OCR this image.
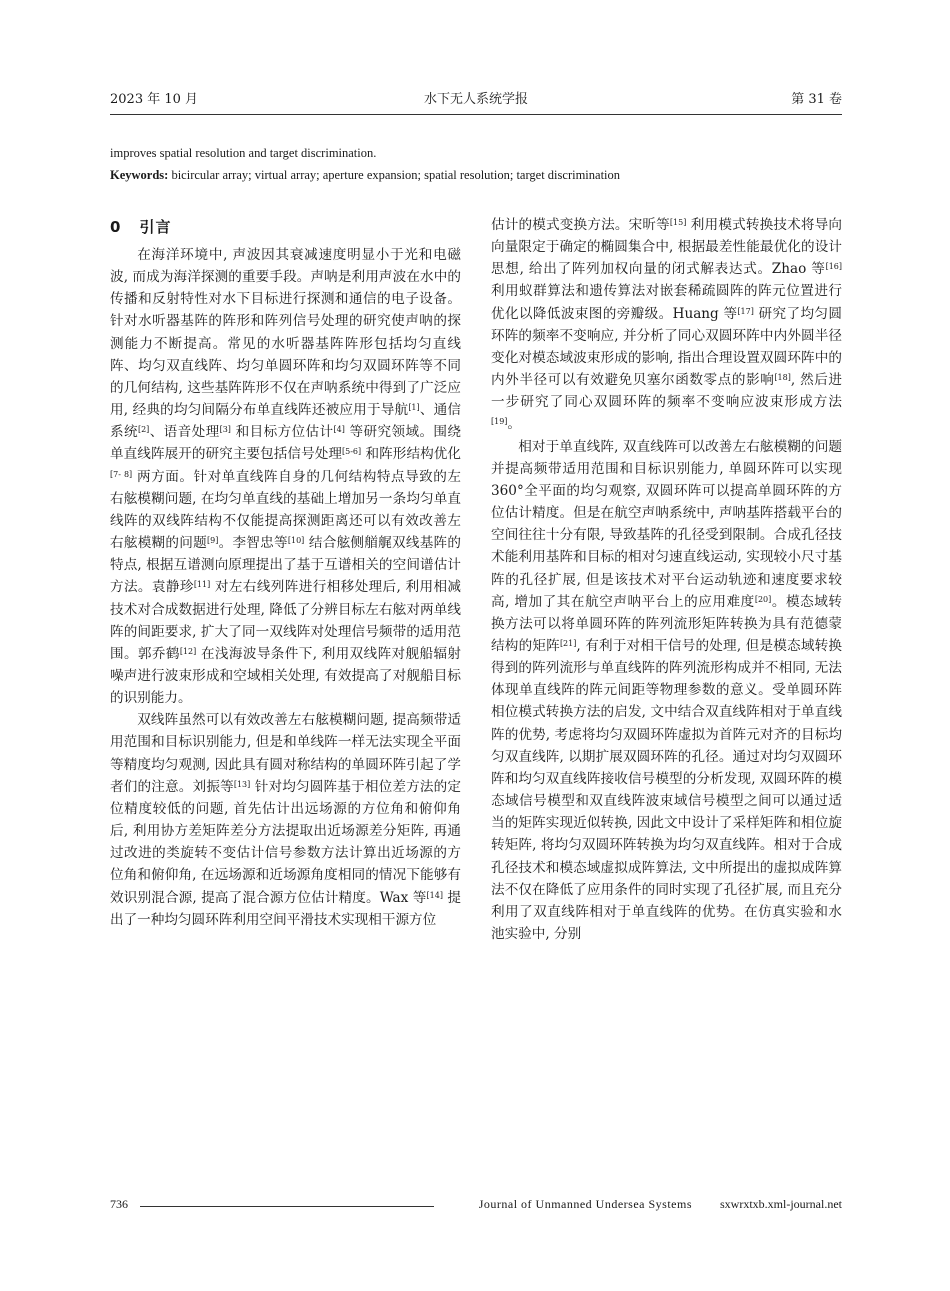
2023 年 10 月	水下无人系统学报	第 31 卷
improves spatial resolution and target discrimination.
Keywords: bicircular array; virtual array; aperture expansion; spatial resolution; target discrimination
0 引言

在海洋环境中, 声波因其衰减速度明显小于光和电磁波, 而成为海洋探测的重要手段。声呐是利用声波在水中的传播和反射特性对水下目标进行探测和通信的电子设备。针对水听器基阵的阵形和阵列信号处理的研究使声呐的探测能力不断提高。常见的水听器基阵阵形包括均匀直线阵、均匀双直线阵、均匀单圆环阵和均匀双圆环阵等不同的几何结构, 这些基阵阵形不仅在声呐系统中得到了广泛应用, 经典的均匀间隔分布单直线阵还被应用于导航[1]、通信系统[2]、语音处理[3] 和目标方位估计[4] 等研究领域。围绕单直线阵展开的研究主要包括信号处理[5-6] 和阵形结构优化[7- 8] 两方面。针对单直线阵自身的几何结构特点导致的左右舷模糊问题, 在均匀单直线的基础上增加另一条均匀单直线阵的双线阵结构不仅能提高探测距离还可以有效改善左右舷模糊的问题[9]。李智忠等[10] 结合舷侧艏艉双线基阵的特点, 根据互谱测向原理提出了基于互谱相关的空间谱估计方法。袁静珍[11] 对左右线列阵进行相移处理后, 利用相减技术对合成数据进行处理, 降低了分辨目标左右舷对两单线阵的间距要求, 扩大了同一双线阵对处理信号频带的适用范围。郭乔鹤[12] 在浅海波导条件下, 利用双线阵对舰船辐射噪声进行波束形成和空域相关处理, 有效提高了对舰船目标的识别能力。

双线阵虽然可以有效改善左右舷模糊问题, 提高频带适用范围和目标识别能力, 但是和单线阵一样无法实现全平面等精度均匀观测, 因此具有圆对称结构的单圆环阵引起了学者们的注意。刘振等[13] 针对均匀圆阵基于相位差方法的定位精度较低的问题, 首先估计出远场源的方位角和俯仰角后, 利用协方差矩阵差分方法提取出近场源差分矩阵, 再通过改进的类旋转不变估计信号参数方法计算出近场源的方位角和俯仰角, 在远场源和近场源角度相同的情况下能够有效识别混合源, 提高了混合源方位估计精度。Wax 等[14] 提出了一种均匀圆环阵利用空间平滑技术实现相干源方位

估计的模式变换方法。宋昕等[15] 利用模式转换技术将导向向量限定于确定的椭圆集合中, 根据最差性能最优化的设计思想, 给出了阵列加权向量的闭式解表达式。Zhao 等[16] 利用蚁群算法和遗传算法对嵌套稀疏圆阵的阵元位置进行优化以降低波束图的旁瓣级。Huang 等[17] 研究了均匀圆环阵的频率不变响应, 并分析了同心双圆环阵中内外圆半径变化对模态域波束形成的影响, 指出合理设置双圆环阵中的内外半径可以有效避免贝塞尔函数零点的影响[18], 然后进一步研究了同心双圆环阵的频率不变响应波束形成方法[19]。

相对于单直线阵, 双直线阵可以改善左右舷模糊的问题并提高频带适用范围和目标识别能力, 单圆环阵可以实现 360°全平面的均匀观察, 双圆环阵可以提高单圆环阵的方位估计精度。但是在航空声呐系统中, 声呐基阵搭载平台的空间往往十分有限, 导致基阵的孔径受到限制。合成孔径技术能利用基阵和目标的相对匀速直线运动, 实现较小尺寸基阵的孔径扩展, 但是该技术对平台运动轨迹和速度要求较高, 增加了其在航空声呐平台上的应用难度[20]。模态域转换方法可以将单圆环阵的阵列流形矩阵转换为具有范德蒙结构的矩阵[21], 有利于对相干信号的处理, 但是模态域转换得到的阵列流形与单直线阵的阵列流形构成并不相同, 无法体现单直线阵的阵元间距等物理参数的意义。受单圆环阵相位模式转换方法的启发, 文中结合双直线阵相对于单直线阵的优势, 考虑将均匀双圆环阵虚拟为首阵元对齐的目标均匀双直线阵, 以期扩展双圆环阵的孔径。通过对均匀双圆环阵和均匀双直线阵接收信号模型的分析发现, 双圆环阵的模态域信号模型和双直线阵波束域信号模型之间可以通过适当的矩阵实现近似转换, 因此文中设计了采样矩阵和相位旋转矩阵, 将均匀双圆环阵转换为均匀双直线阵。相对于合成孔径技术和模态域虚拟成阵算法, 文中所提出的虚拟成阵算法不仅在降低了应用条件的同时实现了孔径扩展, 而且充分利用了双直线阵相对于单直线阵的优势。在仿真实验和水池实验中, 分别

736	Journal of Unmanned Undersea Systems sxwrxtxb.xml-journal.net
